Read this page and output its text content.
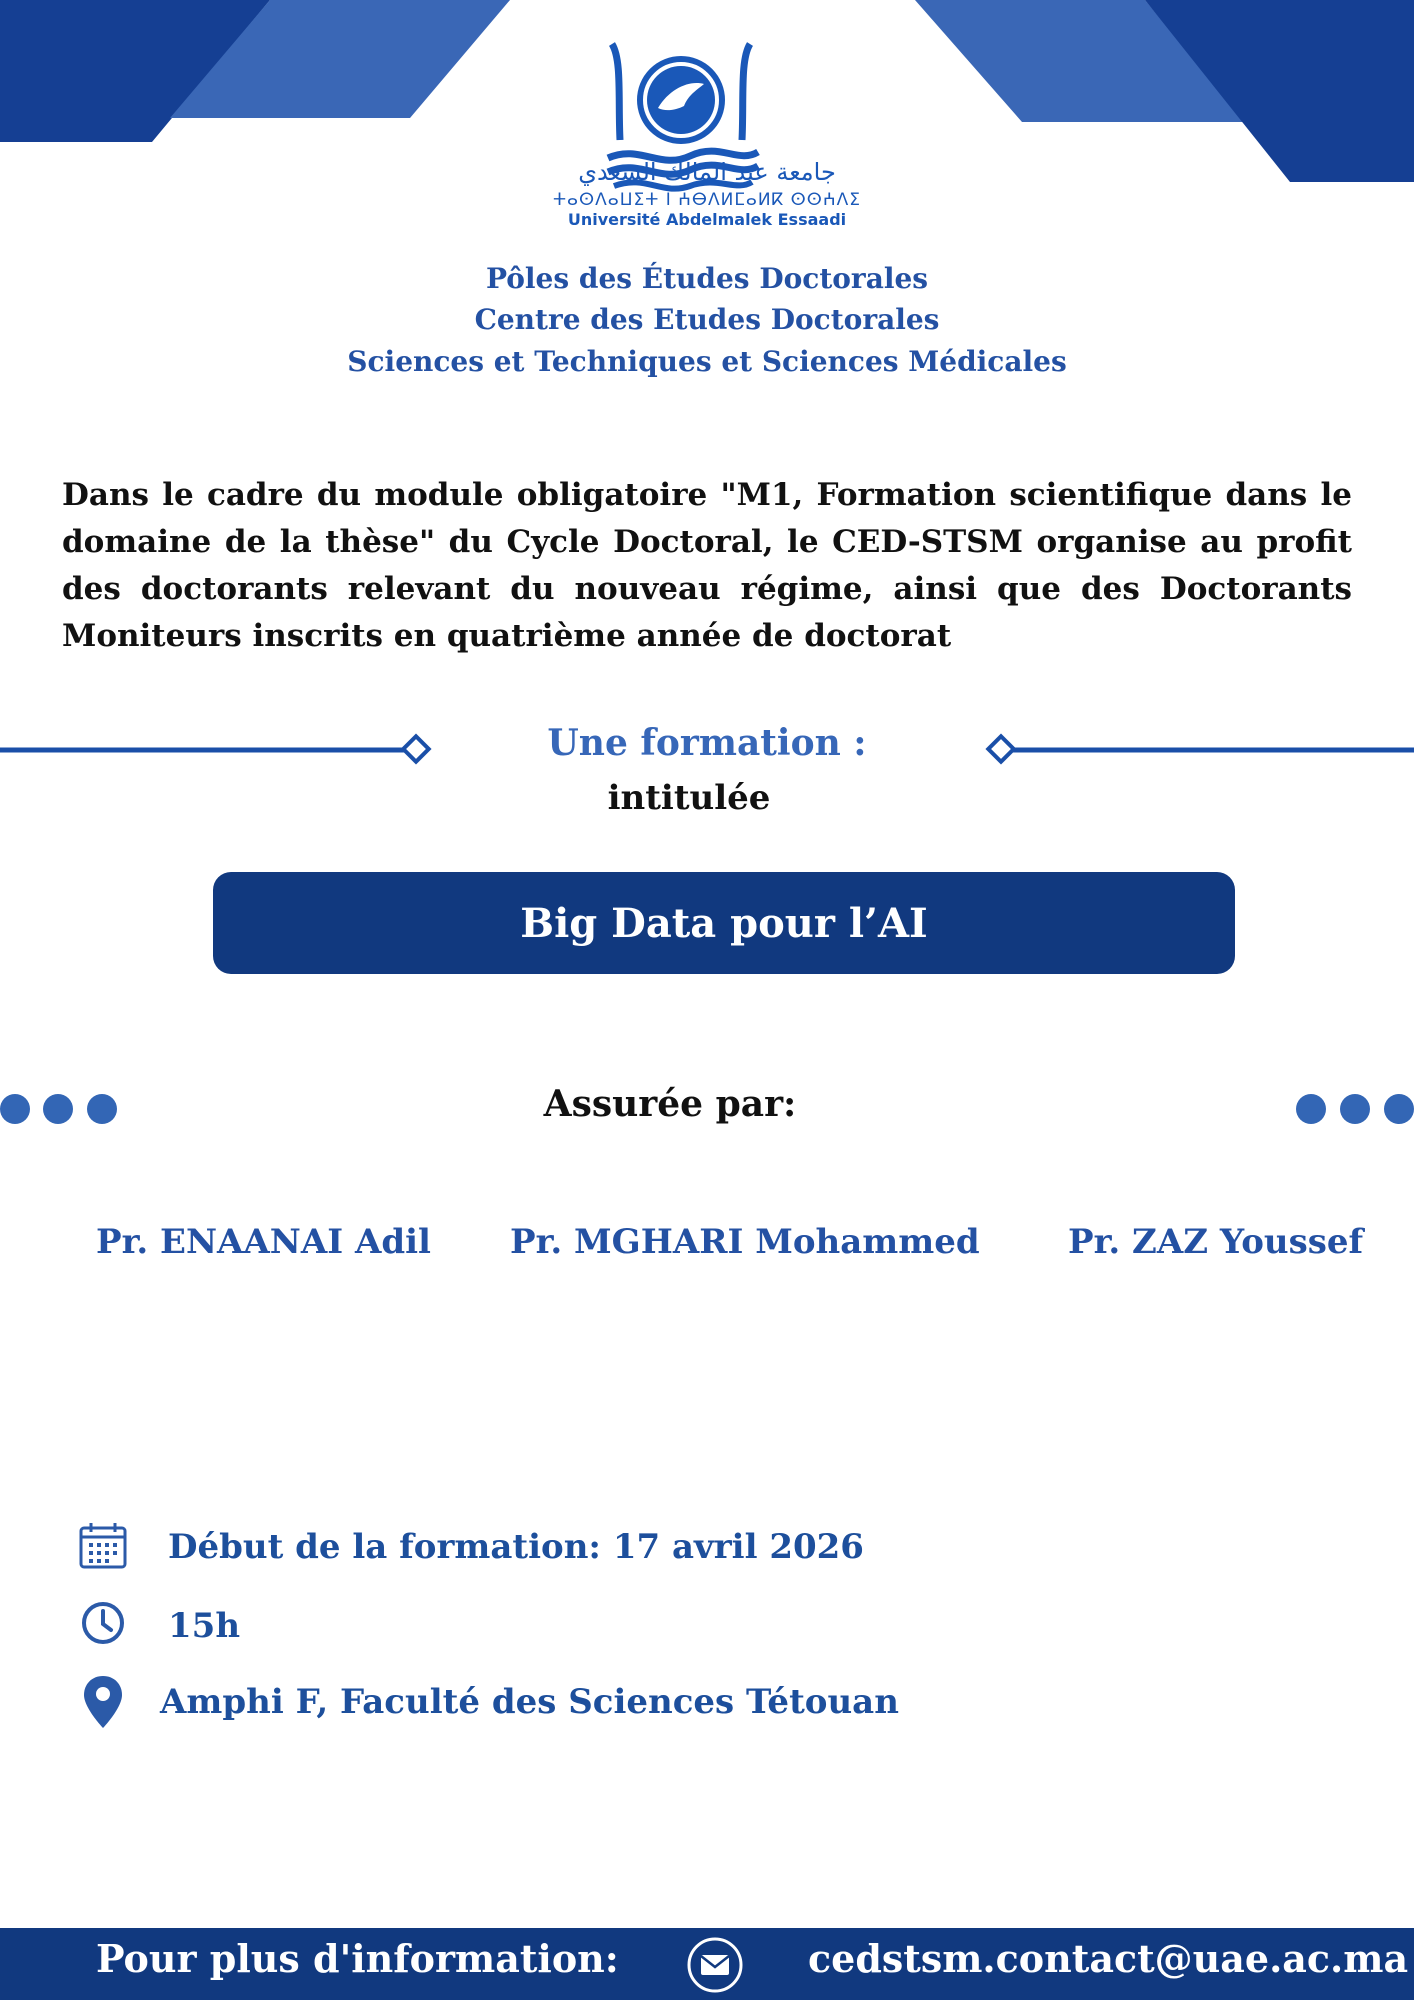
جامعة عبد المالك السعدي
ⵜⴰⵙⴷⴰⵡⵉⵜ ⵏ ⵄⴱⴷⵍⵎⴰⵍⴽ ⵙⵙⵄⴷⵉ
Université Abdelmalek Essaadi
Pôles des Études Doctorales
Centre des Etudes Doctorales
Sciences et Techniques et Sciences Médicales
Dans le cadre du module obligatoire "M1, Formation scientifique dans le domaine de la thèse" du Cycle Doctoral, le CED-STSM organise au profit des doctorants relevant du nouveau régime, ainsi que des Doctorants Moniteurs inscrits en quatrième année de doctorat
Une formation :
intitulée
Big Data pour l’AI
Assurée par:
Pr. ENAANAI Adil Pr. MGHARI Mohammed	Pr. ZAZ Youssef
Début de la formation: 17 avril 2026
15h
Amphi F, Faculté des Sciences Tétouan
Pour plus d'information:	cedstsm.contact@uae.ac.ma
